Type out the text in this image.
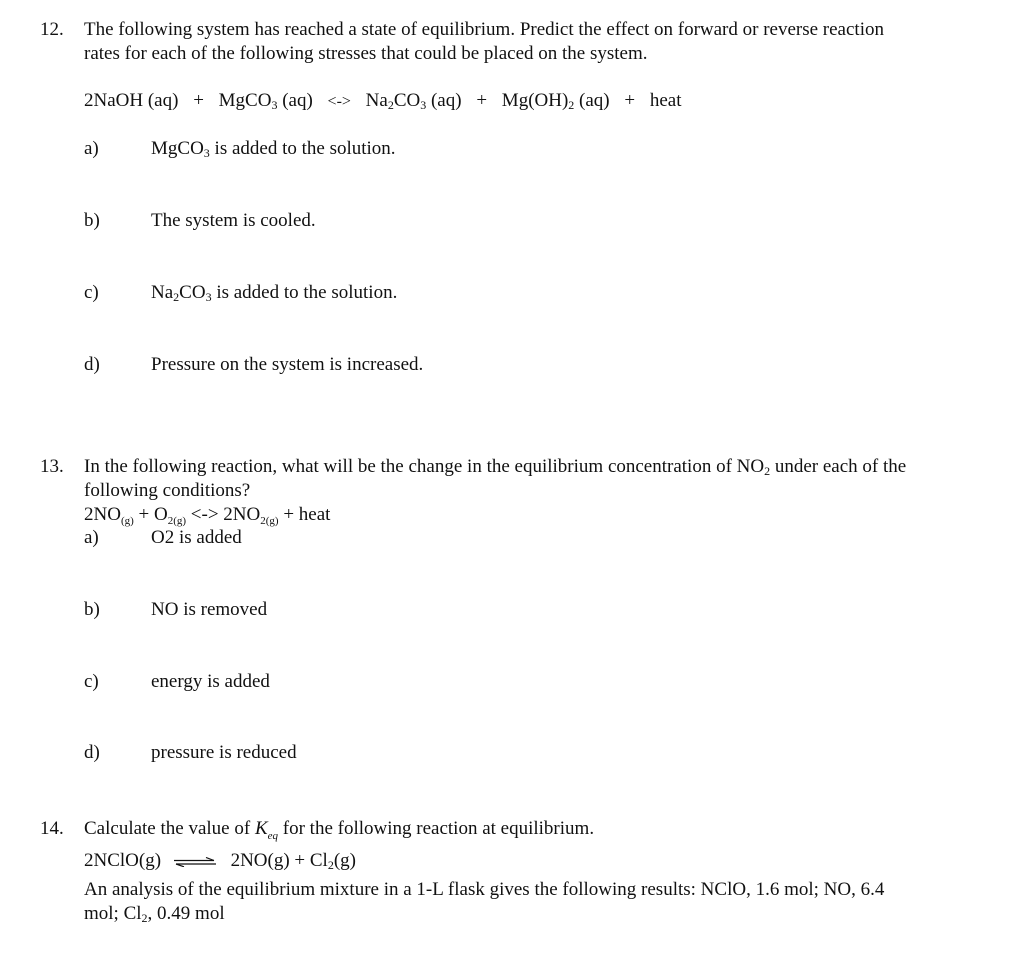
12.	The following system has reached a state of equilibrium. Predict the effect on forward or reverse reaction
rates for each of the following stresses that could be placed on the system.
2NaOH (aq) + MgCO$_3$ (aq) <-> $Na_2CO_3$ $(aq) + Mg(OH)_2$ (aq) + heat
a)	MgCO$_3$ is added to the solution.
b)	The system is cooled.
c)	$Na_2CO_3$ is added to the solution.
d)	Pressure on the system is increased.
13.	In the following reaction, what will be the change in the equilibrium concentration of $NO_2$ under each of the
following conditions?
$2NO_{(g)} + O_{2(g)}$ <-> $2NO_{2(g)}$ + heat
a)	O2 is added
b)	NO is removed
c)	energy is added
d)	pressure is reduced
14.	Calculate the value of $K_{eq}$ for the following reaction at equilibrium.
2NClO(g) ⇌ $2NO(g) + Cl_2(g)$
An analysis of the equilibrium mixture in a 1-L flask gives the following results: NClO, 1.6 mol; NO, 6.4
mol; $Cl_2$, 0.49 mol
